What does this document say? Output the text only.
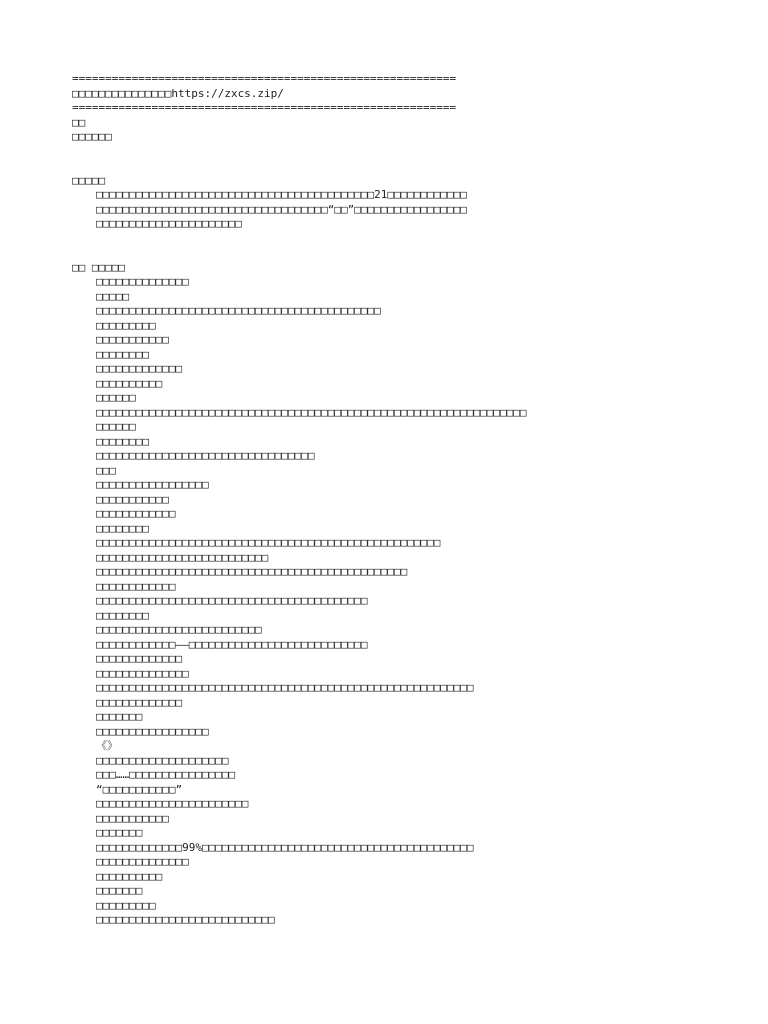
==========================================================
□□□□□□□□□□□□□□□https://zxcs.zip/
==========================================================
□□
□□□□□□
□□□□□
□□□□□□□□□□□□□□□□□□□□□□□□□□□□□□□□□□□□□□□□□□21□□□□□□□□□□□□
□□□□□□□□□□□□□□□□□□□□□□□□□□□□□□□□□□□“□□”□□□□□□□□□□□□□□□□□
□□□□□□□□□□□□□□□□□□□□□□
□□ □□□□□
□□□□□□□□□□□□□□
□□□□□
□□□□□□□□□□□□□□□□□□□□□□□□□□□□□□□□□□□□□□□□□□□
□□□□□□□□□
□□□□□□□□□□□
□□□□□□□□
□□□□□□□□□□□□□
□□□□□□□□□□
□□□□□□
□□□□□□□□□□□□□□□□□□□□□□□□□□□□□□□□□□□□□□□□□□□□□□□□□□□□□□□□□□□□□□□□□
□□□□□□
□□□□□□□□
□□□□□□□□□□□□□□□□□□□□□□□□□□□□□□□□□
□□□
□□□□□□□□□□□□□□□□□
□□□□□□□□□□□
□□□□□□□□□□□□
□□□□□□□□
□□□□□□□□□□□□□□□□□□□□□□□□□□□□□□□□□□□□□□□□□□□□□□□□□□□□
□□□□□□□□□□□□□□□□□□□□□□□□□□
□□□□□□□□□□□□□□□□□□□□□□□□□□□□□□□□□□□□□□□□□□□□□□□
□□□□□□□□□□□□
□□□□□□□□□□□□□□□□□□□□□□□□□□□□□□□□□□□□□□□□□
□□□□□□□□
□□□□□□□□□□□□□□□□□□□□□□□□□
□□□□□□□□□□□□——□□□□□□□□□□□□□□□□□□□□□□□□□□□
□□□□□□□□□□□□□
□□□□□□□□□□□□□□
□□□□□□□□□□□□□□□□□□□□□□□□□□□□□□□□□□□□□□□□□□□□□□□□□□□□□□□□□
□□□□□□□□□□□□□
□□□□□□□
□□□□□□□□□□□□□□□□□
《》
□□□□□□□□□□□□□□□□□□□□
□□□……□□□□□□□□□□□□□□□□
“□□□□□□□□□□□”
□□□□□□□□□□□□□□□□□□□□□□□
□□□□□□□□□□□
□□□□□□□
□□□□□□□□□□□□□99%□□□□□□□□□□□□□□□□□□□□□□□□□□□□□□□□□□□□□□□□□
□□□□□□□□□□□□□□
□□□□□□□□□□
□□□□□□□
□□□□□□□□□
□□□□□□□□□□□□□□□□□□□□□□□□□□□
